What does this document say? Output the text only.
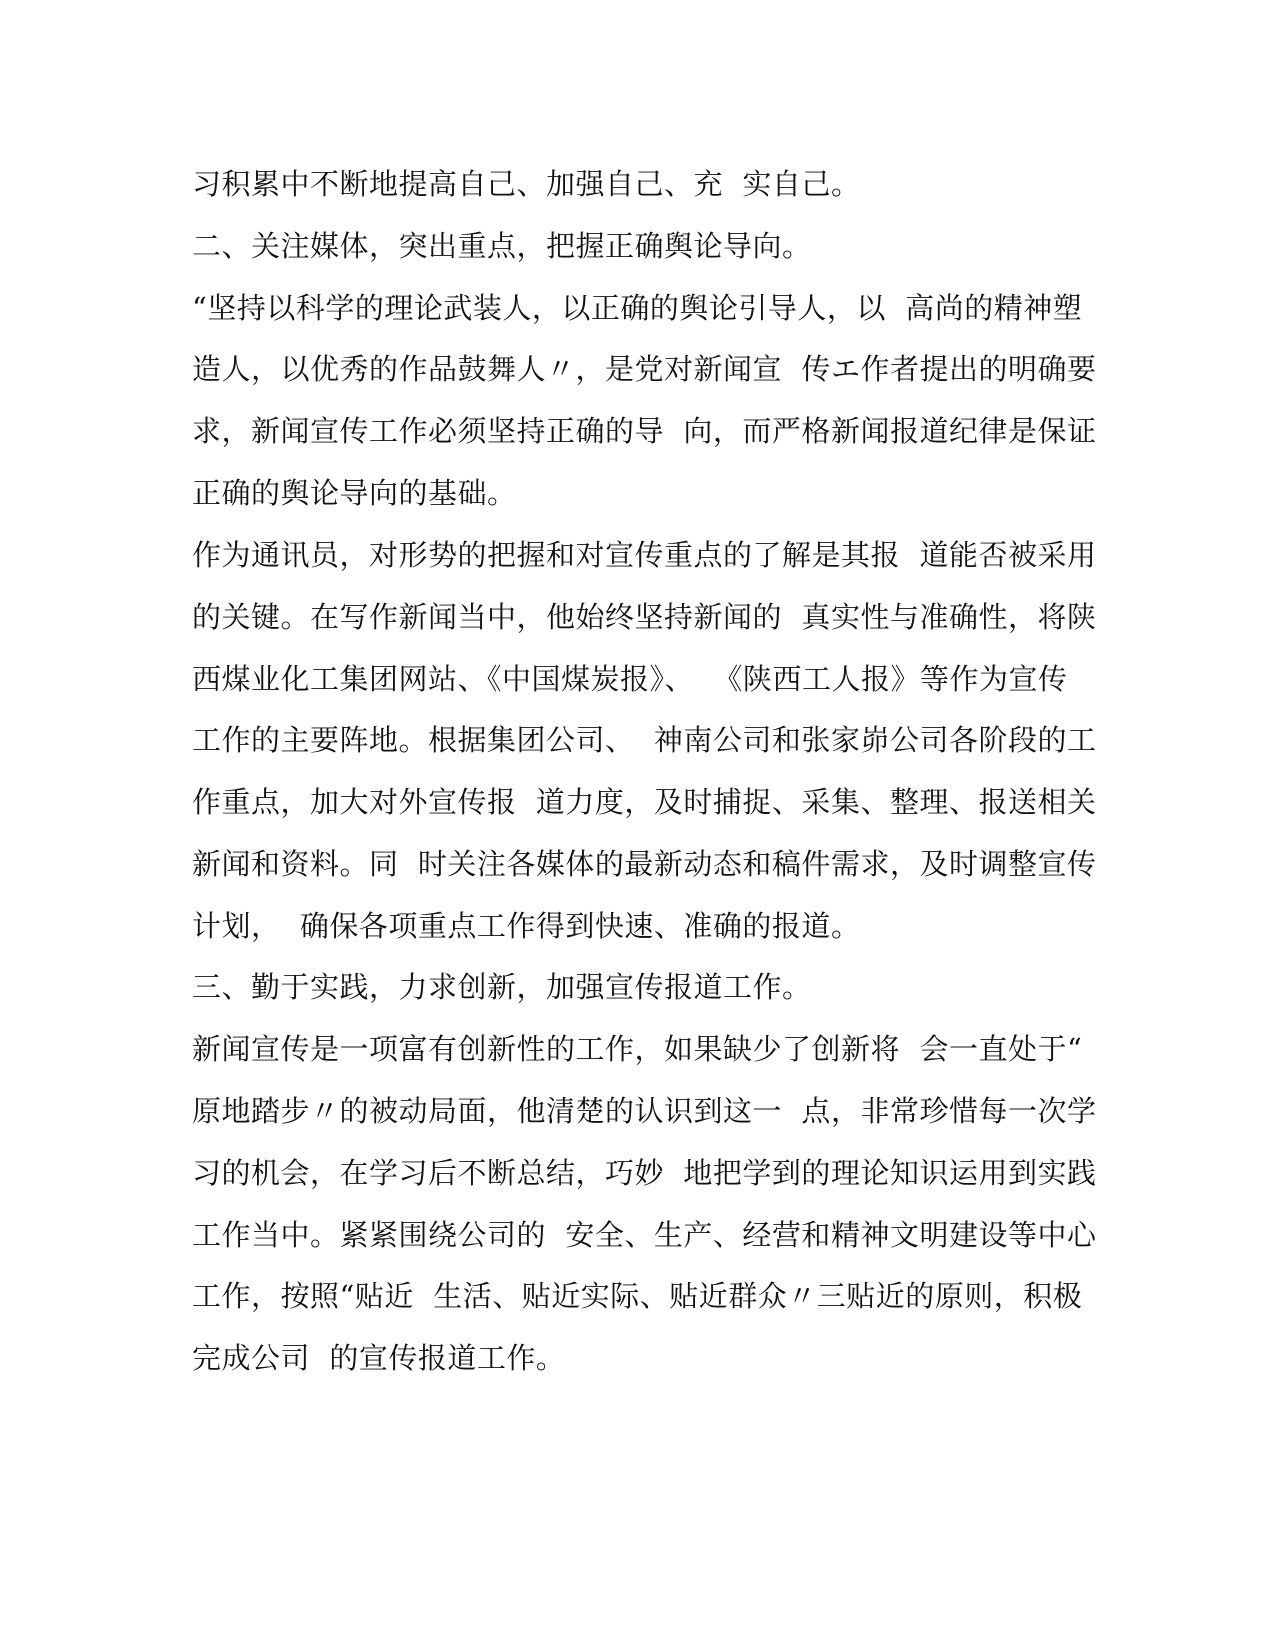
习积累中不断地提高自己、加强自己、充  实自己。
二、关注媒体，突出重点，把握正确舆论导向。
“坚持以科学的理论武装人，以正确的舆论引导人，以  高尚的精神塑
造人，以优秀的作品鼓舞人〃，是党对新闻宣  传エ作者提出的明确要
求，新闻宣传工作必须坚持正确的导  向，而严格新闻报道纪律是保证
正确的舆论导向的基础。
作为通讯员，对形势的把握和对宣传重点的了解是其报  道能否被采用
的关键。在写作新闻当中，他始终坚持新闻的  真实性与准确性，将陕
西煤业化工集团网站、《中国煤炭报》、  《陕西工人报》等作为宣传
工作的主要阵地。根据集团公司、  神南公司和张家峁公司各阶段的工
作重点，加大对外宣传报  道力度，及时捕捉、采集、整理、报送相关
新闻和资料。同  时关注各媒体的最新动态和稿件需求，及时调整宣传
计划，  确保各项重点工作得到快速、准确的报道。
三、勤于实践，力求创新，加强宣传报道工作。
新闻宣传是一项富有创新性的工作，如果缺少了创新将  会一直处于“
原地踏步〃的被动局面，他清楚的认识到这一  点，非常珍惜每一次学
习的机会，在学习后不断总结，巧妙  地把学到的理论知识运用到实践
工作当中。紧紧围绕公司的  安全、生产、经营和精神文明建设等中心
工作，按照“贴近  生活、贴近实际、贴近群众〃三贴近的原则，积极
完成公司  的宣传报道工作。
